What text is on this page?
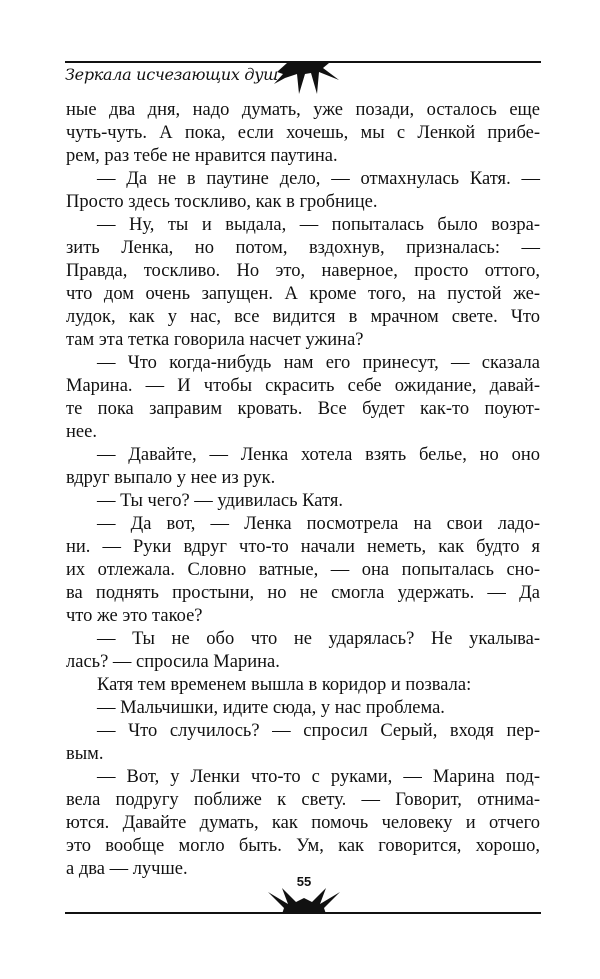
Зеркала исчезающих душ
ные два дня, надо думать, уже позади, осталось еще
чуть-чуть. А пока, если хочешь, мы с Ленкой прибе-
рем, раз тебе не нравится паутина.
— Да не в паутине дело, — отмахнулась Катя. —
Просто здесь тоскливо, как в гробнице.
— Ну, ты и выдала, — попыталась было возра-
зить Ленка, но потом, вздохнув, призналась: —
Правда, тоскливо. Но это, наверное, просто оттого,
что дом очень запущен. А кроме того, на пустой же-
лудок, как у нас, все видится в мрачном свете. Что
там эта тетка говорила насчет ужина?
— Что когда-нибудь нам его принесут, — сказала
Марина. — И чтобы скрасить себе ожидание, давай-
те пока заправим кровать. Все будет как-то поуют-
нее.
— Давайте, — Ленка хотела взять белье, но оно
вдруг выпало у нее из рук.
— Ты чего? — удивилась Катя.
— Да вот, — Ленка посмотрела на свои ладо-
ни. — Руки вдруг что-то начали неметь, как будто я
их отлежала. Словно ватные, — она попыталась сно-
ва поднять простыни, но не смогла удержать. — Да
что же это такое?
— Ты не обо что не ударялась? Не укалыва-
лась? — спросила Марина.
Катя тем временем вышла в коридор и позвала:
— Мальчишки, идите сюда, у нас проблема.
— Что случилось? — спросил Серый, входя пер-
вым.
— Вот, у Ленки что-то с руками, — Марина под-
вела подругу поближе к свету. — Говорит, отнима-
ются. Давайте думать, как помочь человеку и отчего
это вообще могло быть. Ум, как говорится, хорошо,
а два — лучше.
55
